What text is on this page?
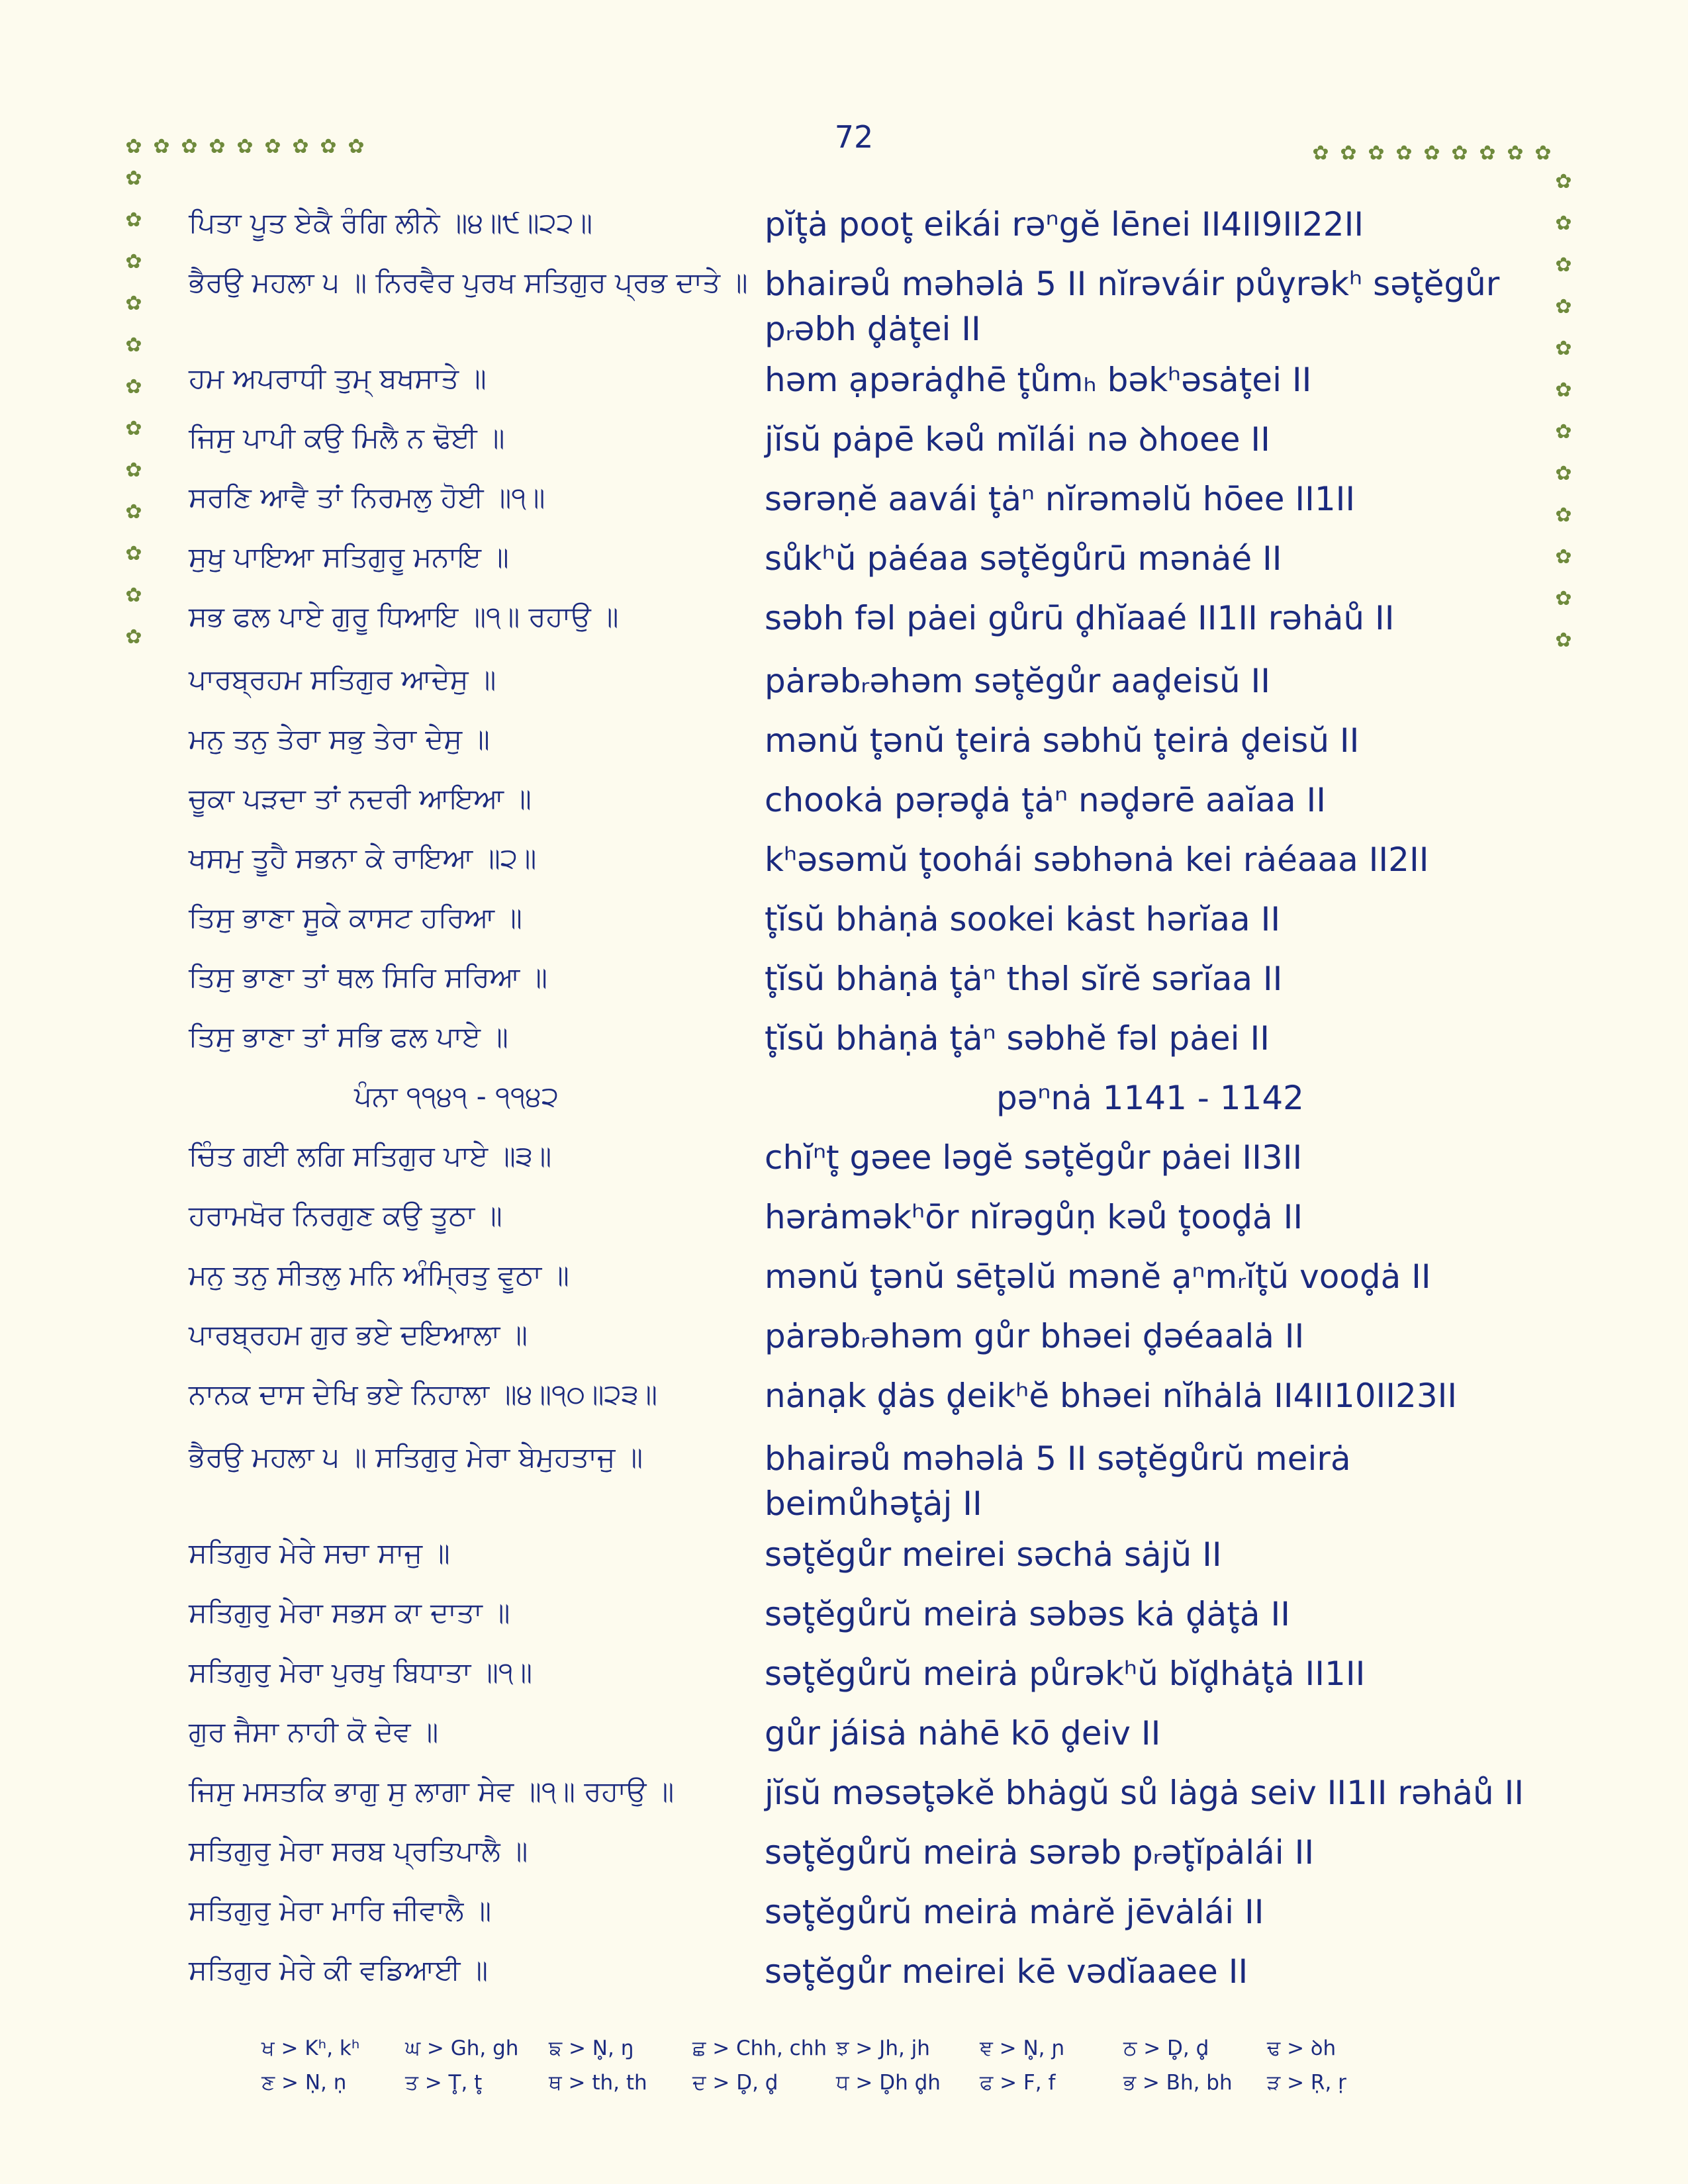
72
✿ ✿ ✿ ✿ ✿ ✿ ✿ ✿ ✿
✿
✿
✿
✿
✿
✿
✿
✿
✿
✿
✿
✿
✿ ✿ ✿ ✿ ✿ ✿ ✿ ✿ ✿
✿
✿
✿
✿
✿
✿
✿
✿
✿
✿
✿
✿
ਪਿਤਾ ਪੂਤ ਏਕੈ ਰੰਗਿ ਲੀਨੇ ॥੪॥੯॥੨੨॥	pĭt̥ȧ poot̥ eikái rəⁿgĕ lēnei II4II9II22II
ਭੈਰਉ ਮਹਲਾ ੫ ॥ ਨਿਰਵੈਰ ਪੁਰਖ ਸਤਿਗੁਰ ਪ੍ਰਭ ਦਾਤੇ ॥ bhairəů məhəlȧ 5 II nĭrəváir pův̥rəkʰ sət̥ĕgůr pᵣəbh d̥ȧt̥ei II
ਹਮ ਅਪਰਾਧੀ ਤੁਮ੍ ਬਖਸਾਤੇ ॥	həm ạpərȧd̥hē t̥ůmₕ bəkʰəsȧt̥ei II
ਜਿਸੁ ਪਾਪੀ ਕਉ ਮਿਲੈ ਨ ਢੋਈ ॥	jĭsŭ pȧpē kəů mĭlái nə ꝺhoee II
ਸਰਣਿ ਆਵੈ ਤਾਂ ਨਿਰਮਲੁ ਹੋਈ ॥੧॥	sərəṇĕ aavái t̥ȧⁿ nĭrəməlŭ hōee II1II
ਸੁਖੁ ਪਾਇਆ ਸਤਿਗੁਰੂ ਮਨਾਇ ॥	sůkʰŭ pȧéaa sət̥ĕgůrū mənȧé II
ਸਭ ਫਲ ਪਾਏ ਗੁਰੂ ਧਿਆਇ ॥੧॥ ਰਹਾਉ ॥	səbh fəl pȧei gůrū d̥hĭaaé II1II rəhȧů II
ਪਾਰਬ੍ਰਹਮ ਸਤਿਗੁਰ ਆਦੇਸੁ ॥	pȧrəbᵣəhəm sət̥ĕgůr aad̥eisŭ II
ਮਨੁ ਤਨੁ ਤੇਰਾ ਸਭੁ ਤੇਰਾ ਦੇਸੁ ॥	mənŭ t̥ənŭ t̥eirȧ səbhŭ t̥eirȧ d̥eisŭ II
ਚੂਕਾ ਪੜਦਾ ਤਾਂ ਨਦਰੀ ਆਇਆ ॥	chookȧ pəṛəd̥ȧ t̥ȧⁿ nəd̥ərē aaĭaa II
ਖਸਮੁ ਤੂਹੈ ਸਭਨਾ ਕੇ ਰਾਇਆ ॥੨॥	kʰəsəmŭ t̥oohái səbhənȧ kei rȧéaaa II2II
ਤਿਸੁ ਭਾਣਾ ਸੂਕੇ ਕਾਸਟ ਹਰਿਆ ॥	t̥ĭsŭ bhȧṇȧ sookei kȧst hərĭaa II
ਤਿਸੁ ਭਾਣਾ ਤਾਂ ਥਲ ਸਿਰਿ ਸਰਿਆ ॥	t̥ĭsŭ bhȧṇȧ t̥ȧⁿ thəl sĭrĕ sərĭaa II
ਤਿਸੁ ਭਾਣਾ ਤਾਂ ਸਭਿ ਫਲ ਪਾਏ ॥	t̥ĭsŭ bhȧṇȧ t̥ȧⁿ səbhĕ fəl pȧei II
ਪੰਨਾ ੧੧੪੧ - ੧੧੪੨	pəⁿnȧ 1141 - 1142
ਚਿੰਤ ਗਈ ਲਗਿ ਸਤਿਗੁਰ ਪਾਏ ॥੩॥	chĭⁿt̥ gəee ləgĕ sət̥ĕgůr pȧei II3II
ਹਰਾਮਖੋਰ ਨਿਰਗੁਣ ਕਉ ਤੂਠਾ ॥	hərȧməkʰōr nĭrəgůṇ kəů t̥ood̥ȧ II
ਮਨੁ ਤਨੁ ਸੀਤਲੁ ਮਨਿ ਅੰਮ੍ਰਿਤੁ ਵੂਠਾ ॥	mənŭ t̥ənŭ sēt̥əlŭ mənĕ ạⁿmᵣĭt̥ŭ vood̥ȧ II
ਪਾਰਬ੍ਰਹਮ ਗੁਰ ਭਏ ਦਇਆਲਾ ॥	pȧrəbᵣəhəm gůr bhəei d̥əéaalȧ II
ਨਾਨਕ ਦਾਸ ਦੇਖਿ ਭਏ ਨਿਹਾਲਾ ॥੪॥੧੦॥੨੩॥	nȧnạk d̥ȧs d̥eikʰĕ bhəei nĭhȧlȧ II4II10II23II
ਭੈਰਉ ਮਹਲਾ ੫ ॥ ਸਤਿਗੁਰੁ ਮੇਰਾ ਬੇਮੁਹਤਾਜੁ ॥	bhairəů məhəlȧ 5 II sət̥ĕgůrŭ meirȧ beimůhət̥ȧj II
ਸਤਿਗੁਰ ਮੇਰੇ ਸਚਾ ਸਾਜੁ ॥	sət̥ĕgůr meirei səchȧ sȧjŭ II
ਸਤਿਗੁਰੁ ਮੇਰਾ ਸਭਸ ਕਾ ਦਾਤਾ ॥	sət̥ĕgůrŭ meirȧ səbəs kȧ d̥ȧt̥ȧ II
ਸਤਿਗੁਰੁ ਮੇਰਾ ਪੁਰਖੁ ਬਿਧਾਤਾ ॥੧॥	sət̥ĕgůrŭ meirȧ půrəkʰŭ bĭd̥hȧt̥ȧ II1II
ਗੁਰ ਜੈਸਾ ਨਾਹੀ ਕੋ ਦੇਵ ॥	gůr jáisȧ nȧhē kō d̥eiv II
ਜਿਸੁ ਮਸਤਕਿ ਭਾਗੁ ਸੁ ਲਾਗਾ ਸੇਵ ॥੧॥ ਰਹਾਉ ॥	jĭsŭ məsət̥əkĕ bhȧgŭ sů lȧgȧ seiv II1II rəhȧů II
ਸਤਿਗੁਰੁ ਮੇਰਾ ਸਰਬ ਪ੍ਰਤਿਪਾਲੈ ॥	sət̥ĕgůrŭ meirȧ sərəb pᵣət̥ĭpȧlái II
ਸਤਿਗੁਰੁ ਮੇਰਾ ਮਾਰਿ ਜੀਵਾਲੈ ॥	sət̥ĕgůrŭ meirȧ mȧrĕ jēvȧlái II
ਸਤਿਗੁਰ ਮੇਰੇ ਕੀ ਵਡਿਆਈ ॥	sət̥ĕgůr meirei kē vədĭaaee II
ਖ > Kʰ, kʰ	ਘ > Gh, gh	ਙ > N̥, ŋ	ਛ > Chh, chh ਝ > Jh, jh	ਞ > N̥, ɲ	ਠ > D̥, d̥	ਢ > ꝺh
ਣ > Ṇ, ṇ	ਤ > T̥, t̥	ਥ > th, th	ਦ > D̥, d̥	ਧ > D̥h d̥h	ਫ > F, f	ਭ > Bh, bh	ੜ > Ṛ, ṛ
